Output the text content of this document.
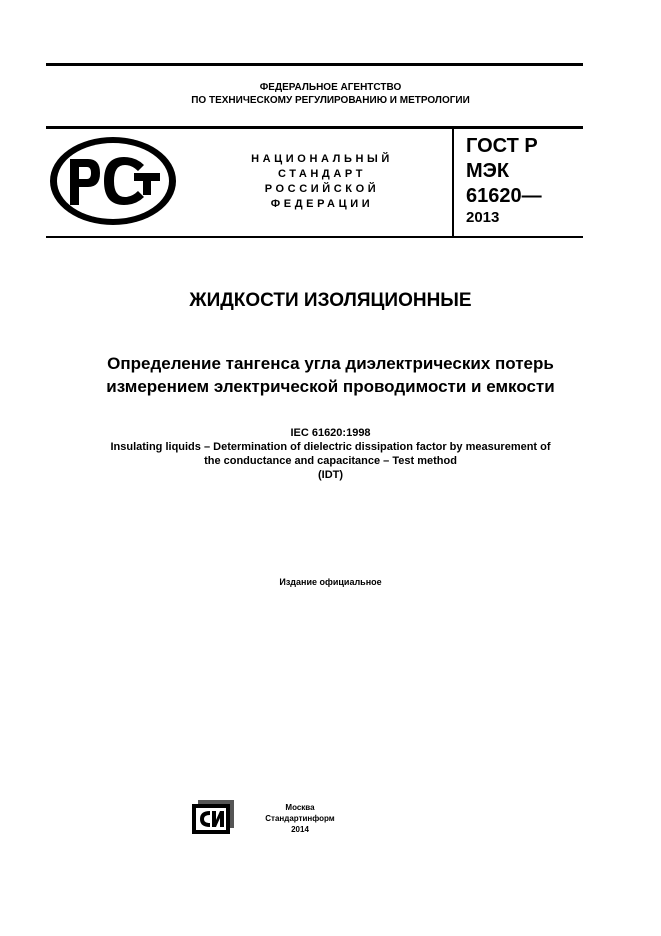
ФЕДЕРАЛЬНОЕ АГЕНТСТВО
ПО ТЕХНИЧЕСКОМУ РЕГУЛИРОВАНИЮ И МЕТРОЛОГИИ
НАЦИОНАЛЬНЫЙ
СТАНДАРТ
РОССИЙСКОЙ
ФЕДЕРАЦИИ
ГОСТ Р
МЭК
61620—
2013
ЖИДКОСТИ ИЗОЛЯЦИОННЫЕ
Определение тангенса угла диэлектрических потерь
измерением электрической проводимости и емкости
IEC 61620:1998
Insulating liquids – Determination of dielectric dissipation factor by measurement of
the conductance and capacitance – Test method
(IDT)
Издание официальное
Москва
Стандартинформ
2014
